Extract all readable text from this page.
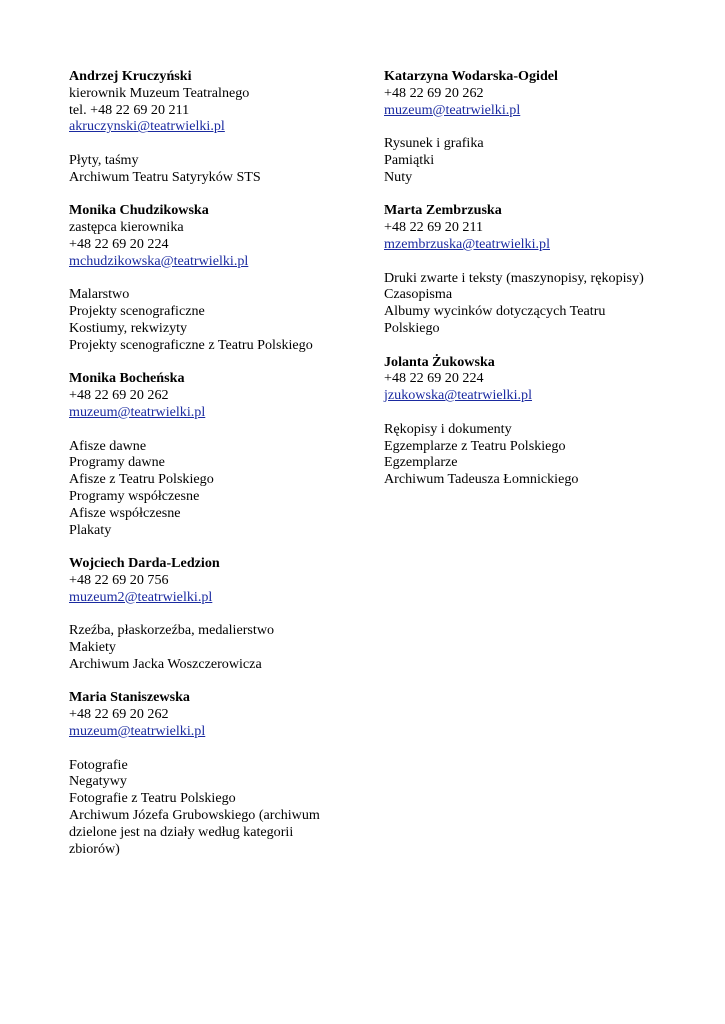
Andrzej Kruczyński
kierownik Muzeum Teatralnego
tel. +48 22 69 20 211
akruczynski@teatrwielki.pl
Płyty, taśmy
Archiwum Teatru Satyryków STS
Monika Chudzikowska
zastępca kierownika
+48 22 69 20 224
mchudzikowska@teatrwielki.pl
Malarstwo
Projekty scenograficzne
Kostiumy, rekwizyty
Projekty scenograficzne z Teatru Polskiego
Monika Bocheńska
+48 22 69 20 262
muzeum@teatrwielki.pl
Afisze dawne
Programy dawne
Afisze z Teatru Polskiego
Programy współczesne
Afisze współczesne
Plakaty
Wojciech Darda-Ledzion
+48 22 69 20 756
muzeum2@teatrwielki.pl
Rzeźba, płaskorzeźba, medalierstwo
Makiety
Archiwum Jacka Woszczerowicza
Maria Staniszewska
+48 22 69 20 262
muzeum@teatrwielki.pl
Fotografie
Negatywy
Fotografie z Teatru Polskiego
Archiwum Józefa Grubowskiego (archiwum
dzielone jest na działy według kategorii
zbiorów)
Katarzyna Wodarska-Ogidel
+48 22 69 20 262
muzeum@teatrwielki.pl
Rysunek i grafika
Pamiątki
Nuty
Marta Zembrzuska
+48 22 69 20 211
mzembrzuska@teatrwielki.pl
Druki zwarte i teksty (maszynopisy, rękopisy)
Czasopisma
Albumy wycinków dotyczących Teatru
Polskiego
Jolanta Żukowska
+48 22 69 20 224
jzukowska@teatrwielki.pl
Rękopisy i dokumenty
Egzemplarze z Teatru Polskiego
Egzemplarze
Archiwum Tadeusza Łomnickiego
